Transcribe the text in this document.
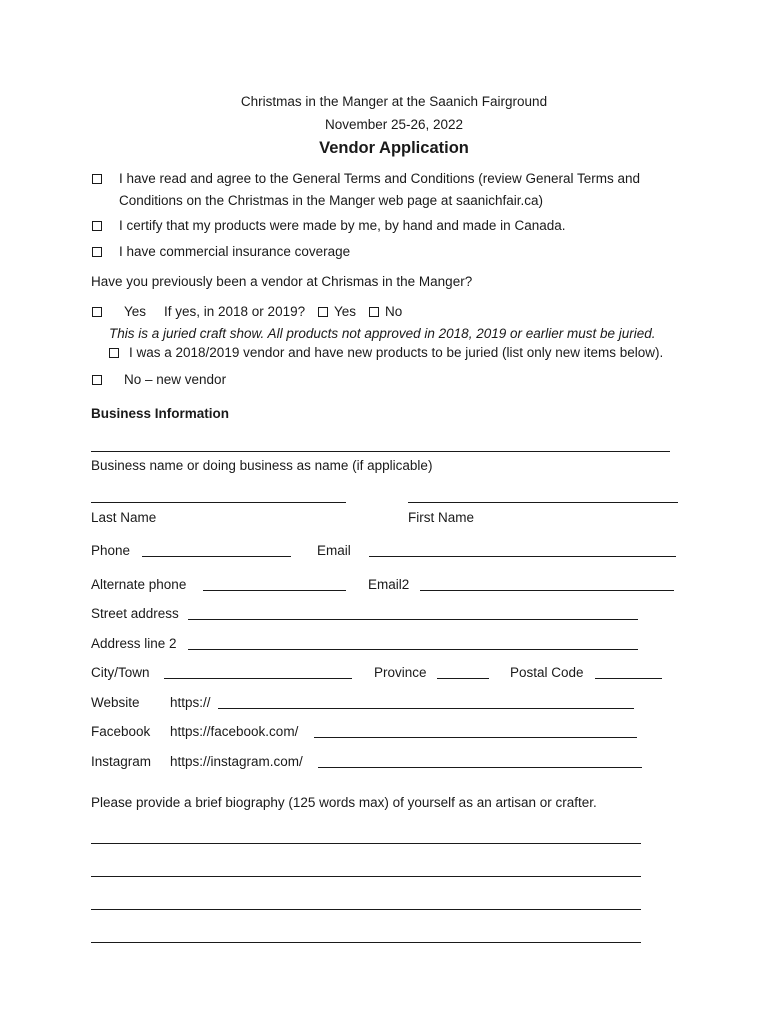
Christmas in the Manger at the Saanich Fairground
November 25-26, 2022
Vendor Application
I have read and agree to the General Terms and Conditions (review General Terms and
Conditions on the Christmas in the Manger web page at saanichfair.ca)
I certify that my products were made by me, by hand and made in Canada.
I have commercial insurance coverage
Have you previously been a vendor at Chrismas in the Manger?
Yes If yes, in 2018 or 2019? Yes No
This is a juried craft show. All products not approved in 2018, 2019 or earlier must be juried.
I was a 2018/2019 vendor and have new products to be juried (list only new items below).
No – new vendor
Business Information
Business name or doing business as name (if applicable)
Last Name	First Name
Phone	Email
Alternate phone	Email2
Street address
Address line 2
City/Town	Province	Postal Code
Website https://
Facebook https://facebook.com/
Instagram https://instagram.com/
Please provide a brief biography (125 words max) of yourself as an artisan or crafter.
